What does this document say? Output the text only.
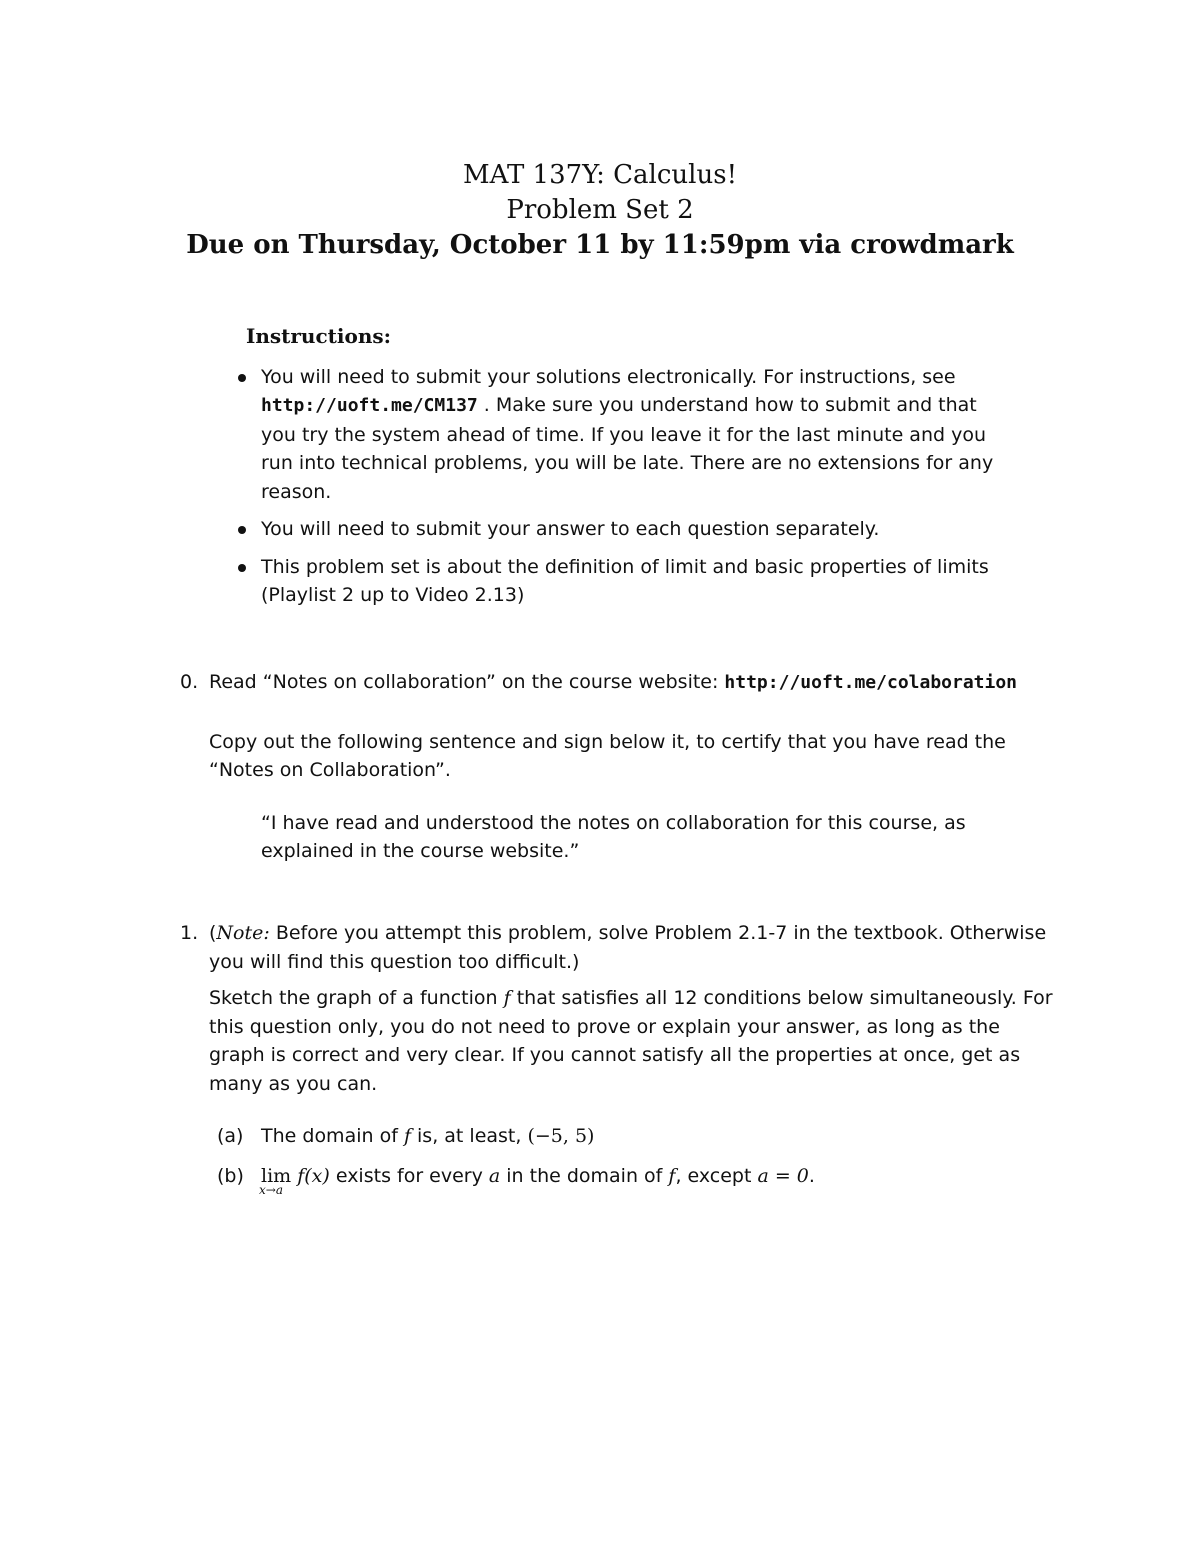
MAT 137Y: Calculus!
Problem Set 2
Due on Thursday, October 11 by 11:59pm via crowdmark
Instructions:
You will need to submit your solutions electronically. For instructions, see http://uoft.me/CM137 . Make sure you understand how to submit and that you try the system ahead of time. If you leave it for the last minute and you run into technical problems, you will be late. There are no extensions for any reason.
You will need to submit your answer to each question separately.
This problem set is about the definition of limit and basic properties of limits (Playlist 2 up to Video 2.13)
0. Read “Notes on collaboration” on the course website: http://uoft.me/colaboration
Copy out the following sentence and sign below it, to certify that you have read the “Notes on Collaboration”.
“I have read and understood the notes on collaboration for this course, as explained in the course website.”
1. (Note: Before you attempt this problem, solve Problem 2.1-7 in the textbook. Otherwise you will find this question too difficult.)
Sketch the graph of a function f that satisfies all 12 conditions below simultaneously. For this question only, you do not need to prove or explain your answer, as long as the graph is correct and very clear. If you cannot satisfy all the properties at once, get as many as you can.
(a) The domain of f is, at least, (−5, 5)
(b) lim
x→a
f(x) exists for every a in the domain of f, except a = 0.
